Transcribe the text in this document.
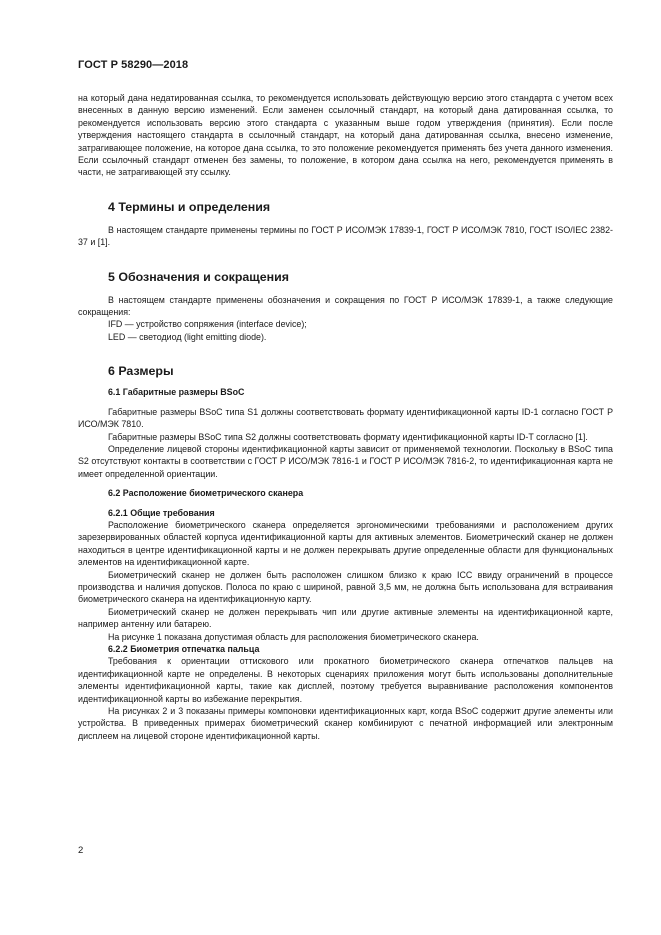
ГОСТ Р 58290—2018

на который дана недатированная ссылка, то рекомендуется использовать действующую версию этого стандарта с учетом всех внесенных в данную версию изменений. Если заменен ссылочный стандарт, на который дана датированная ссылка, то рекомендуется использовать версию этого стандарта с указанным выше годом утверждения (принятия). Если после утверждения настоящего стандарта в ссылочный стандарт, на который дана датированная ссылка, внесено изменение, затрагивающее положение, на которое дана ссылка, то это положение рекомендуется применять без учета данного изменения. Если ссылочный стандарт отменен без замены, то положение, в котором дана ссылка на него, рекомендуется применять в части, не затрагивающей эту ссылку.

4 Термины и определения

В настоящем стандарте применены термины по ГОСТ Р ИСО/МЭК 17839-1, ГОСТ Р ИСО/МЭК 7810, ГОСТ ISO/IEC 2382-37 и [1].

5 Обозначения и сокращения

В настоящем стандарте применены обозначения и сокращения по ГОСТ Р ИСО/МЭК 17839-1, а также следующие сокращения:

IFD — устройство сопряжения (interface device);

LED — светодиод (light emitting diode).

6 Размеры

6.1 Габаритные размеры BSoC

Габаритные размеры BSoC типа S1 должны соответствовать формату идентификационной карты ID-1 согласно ГОСТ Р ИСО/МЭК 7810.

Габаритные размеры BSoC типа S2 должны соответствовать формату идентификационной карты ID-T согласно [1].

Определение лицевой стороны идентификационной карты зависит от применяемой технологии. Поскольку в BSoC типа S2 отсутствуют контакты в соответствии с ГОСТ Р ИСО/МЭК 7816-1 и ГОСТ Р ИСО/МЭК 7816-2, то идентификационная карта не имеет определенной ориентации.

6.2 Расположение биометрического сканера

6.2.1 Общие требования

Расположение биометрического сканера определяется эргономическими требованиями и расположением других зарезервированных областей корпуса идентификационной карты для активных элементов. Биометрический сканер не должен находиться в центре идентификационной карты и не должен перекрывать другие определенные области для функциональных элементов на идентификационной карте.

Биометрический сканер не должен быть расположен слишком близко к краю ICC ввиду ограничений в процессе производства и наличия допусков. Полоса по краю с шириной, равной 3,5 мм, не должна быть использована для встраивания биометрического сканера на идентификационную карту.

Биометрический сканер не должен перекрывать чип или другие активные элементы на идентификационной карте, например антенну или батарею.

На рисунке 1 показана допустимая область для расположения биометрического сканера.

6.2.2 Биометрия отпечатка пальца

Требования к ориентации оттискового или прокатного биометрического сканера отпечатков пальцев на идентификационной карте не определены. В некоторых сценариях приложения могут быть использованы дополнительные элементы идентификационной карты, такие как дисплей, поэтому требуется выравнивание расположения компонентов идентификационной карты во избежание перекрытия.

На рисунках 2 и 3 показаны примеры компоновки идентификационных карт, когда BSoC содержит другие элементы или устройства. В приведенных примерах биометрический сканер комбинируют с печатной информацией или электронным дисплеем на лицевой стороне идентификационной карты.

2
